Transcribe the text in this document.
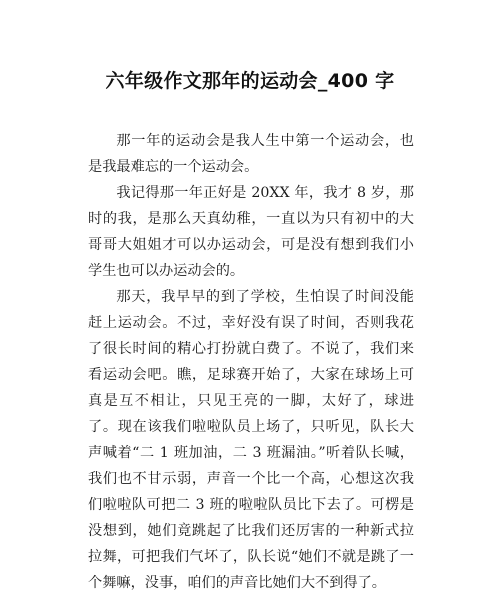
六年级作文那年的运动会_400 字

那一年的运动会是我人生中第一个运动会，也是我最难忘的一个运动会。

我记得那一年正好是 20XX 年，我才 8 岁，那时的我，是那么天真幼稚，一直以为只有初中的大哥哥大姐姐才可以办运动会，可是没有想到我们小学生也可以办运动会的。

那天，我早早的到了学校，生怕误了时间没能赶上运动会。不过，幸好没有误了时间，否则我花了很长时间的精心打扮就白费了。不说了，我们来看运动会吧。瞧，足球赛开始了，大家在球场上可真是互不相让，只见王亮的一脚，太好了，球进了。现在该我们啦啦队员上场了，只听见，队长大声喊着“二 1 班加油，二 3 班漏油。”听着队长喊，我们也不甘示弱，声音一个比一个高，心想这次我们啦啦队可把二 3 班的啦啦队员比下去了。可楞是没想到，她们竟跳起了比我们还厉害的一种新式拉拉舞，可把我们气坏了，队长说“她们不就是跳了一个舞嘛，没事，咱们的声音比她们大不到得了。
